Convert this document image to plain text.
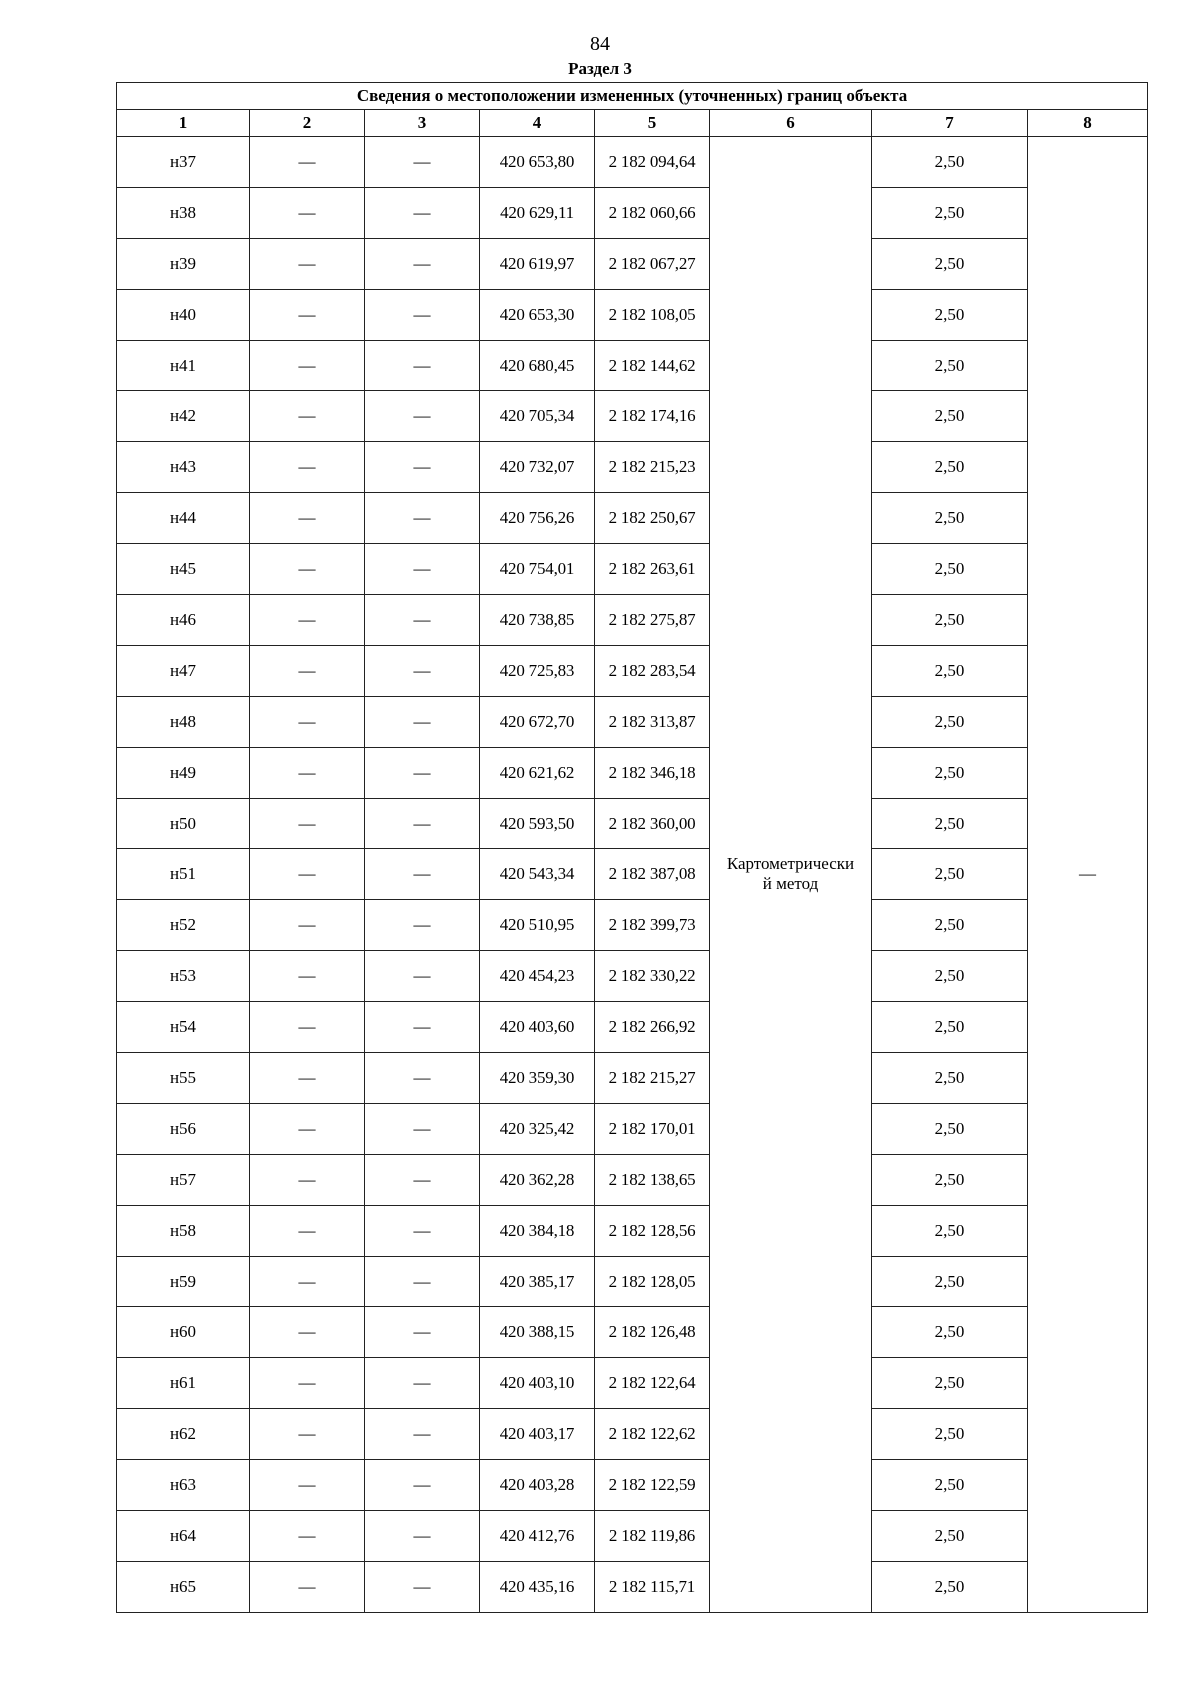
84
Раздел 3
Сведения о местоположении измененных (уточненных) границ объекта							
1	2	3	4	5	6	7	8
н37	—	—	420 653,80	2 182 094,64	Картометрически
й метод	2,50	—
н38	—	—	420 629,11	2 182 060,66		2,50	
н39	—	—	420 619,97	2 182 067,27		2,50	
н40	—	—	420 653,30	2 182 108,05		2,50	
н41	—	—	420 680,45	2 182 144,62		2,50	
н42	—	—	420 705,34	2 182 174,16		2,50	
н43	—	—	420 732,07	2 182 215,23		2,50	
н44	—	—	420 756,26	2 182 250,67		2,50	
н45	—	—	420 754,01	2 182 263,61		2,50	
н46	—	—	420 738,85	2 182 275,87		2,50	
н47	—	—	420 725,83	2 182 283,54		2,50	
н48	—	—	420 672,70	2 182 313,87		2,50	
н49	—	—	420 621,62	2 182 346,18		2,50	
н50	—	—	420 593,50	2 182 360,00		2,50	
н51	—	—	420 543,34	2 182 387,08		2,50	
н52	—	—	420 510,95	2 182 399,73		2,50	
н53	—	—	420 454,23	2 182 330,22		2,50	
н54	—	—	420 403,60	2 182 266,92		2,50	
н55	—	—	420 359,30	2 182 215,27		2,50	
н56	—	—	420 325,42	2 182 170,01		2,50	
н57	—	—	420 362,28	2 182 138,65		2,50	
н58	—	—	420 384,18	2 182 128,56		2,50	
н59	—	—	420 385,17	2 182 128,05		2,50	
н60	—	—	420 388,15	2 182 126,48		2,50	
н61	—	—	420 403,10	2 182 122,64		2,50	
н62	—	—	420 403,17	2 182 122,62		2,50	
н63	—	—	420 403,28	2 182 122,59		2,50	
н64	—	—	420 412,76	2 182 119,86		2,50	
н65	—	—	420 435,16	2 182 115,71		2,50	
